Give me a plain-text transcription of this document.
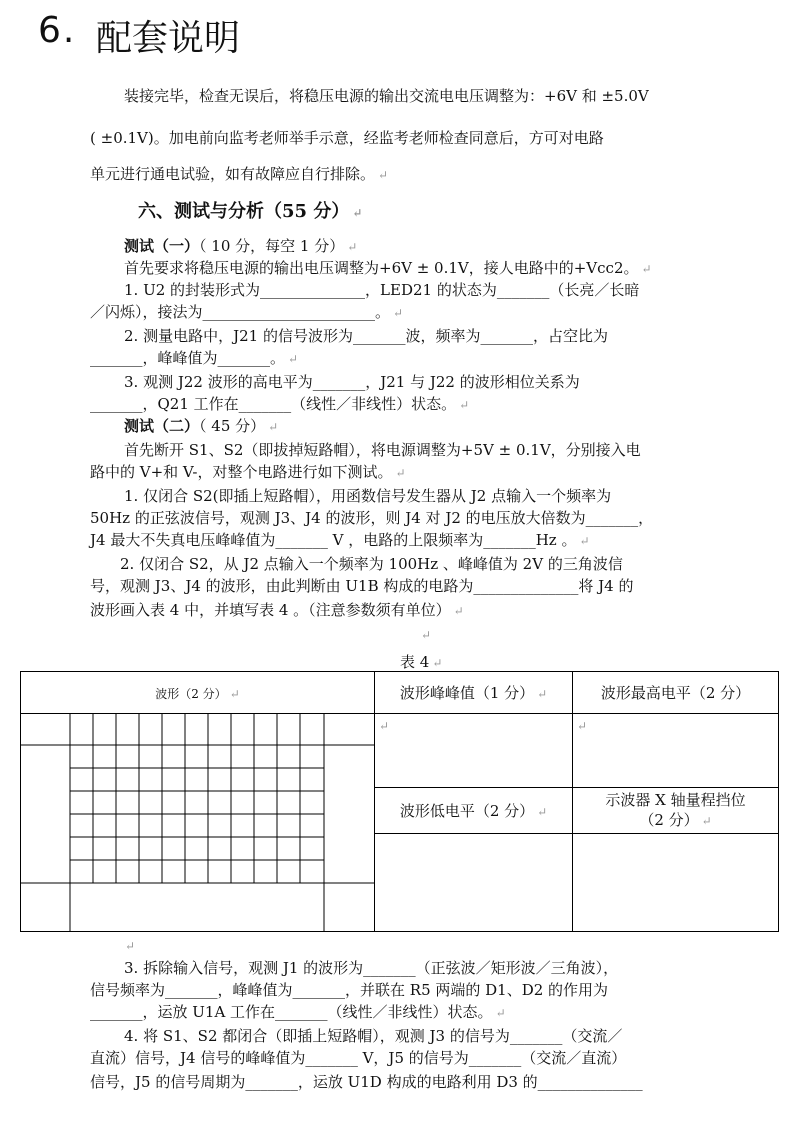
6. 配套说明
装接完毕，检查无误后，将稳压电源的输出交流电电压调整为：+6V 和 ±5.0V
( ±0.1V)。加电前向监考老师举手示意，经监考老师检查同意后，方可对电路
单元进行通电试验，如有故障应自行排除。 ↵
六、测试与分析（55 分） ↵
测试（一）（ 10 分，每空 1 分） ↵
首先要求将稳压电源的输出电压调整为+6V ± 0.1V，接人电路中的+Vcc2。 ↵
1. U2 的封装形式为______________，LED21 的状态为_______（长亮／长暗
／闪烁），接法为_______________________。 ↵
2. 测量电路中，J21 的信号波形为_______波，频率为_______，占空比为
_______，峰峰值为_______。 ↵
3. 观测 J22 波形的高电平为_______，J21 与 J22 的波形相位关系为
_______，Q21 工作在_______（线性／非线性）状态。 ↵
测试（二）（ 45 分） ↵
首先断开 S1、S2（即拔掉短路帽），将电源调整为+5V ± 0.1V，分别接入电
路中的 V+和 V-，对整个电路进行如下测试。 ↵
1. 仅闭合 S2(即插上短路帽），用函数信号发生器从 J2 点输入一个频率为
50Hz 的正弦波信号，观测 J3、J4 的波形，则 J4 对 J2 的电压放大倍数为_______，
J4 最大不失真电压峰峰值为_______ V ，电路的上限频率为_______Hz 。 ↵
2. 仅闭合 S2，从 J2 点输入一个频率为 100Hz 、峰峰值为 2V 的三角波信
号，观测 J3、J4 的波形，由此判断由 U1B 构成的电路为______________将 J4 的
波形画入表 4 中，并填写表 4 。（注意参数须有单位） ↵
↵
表 4 ↵
波形（2 分） ↵	波形峰峰值（1 分） ↵	波形最高电平（2 分）
	↵	↵
	波形低电平（2 分） ↵	示波器 X 轴量程挡位
（2 分） ↵

↵
3. 拆除输入信号，观测 J1 的波形为_______（正弦波／矩形波／三角波），
信号频率为_______，峰峰值为_______，并联在 R5 两端的 D1、D2 的作用为
_______，运放 U1A 工作在_______（线性／非线性）状态。 ↵
4. 将 S1、S2 都闭合（即插上短路帽），观测 J3 的信号为_______（交流／
直流）信号，J4 信号的峰峰值为_______ V，J5 的信号为_______（交流／直流）
信号，J5 的信号周期为_______，运放 U1D 构成的电路利用 D3 的______________
